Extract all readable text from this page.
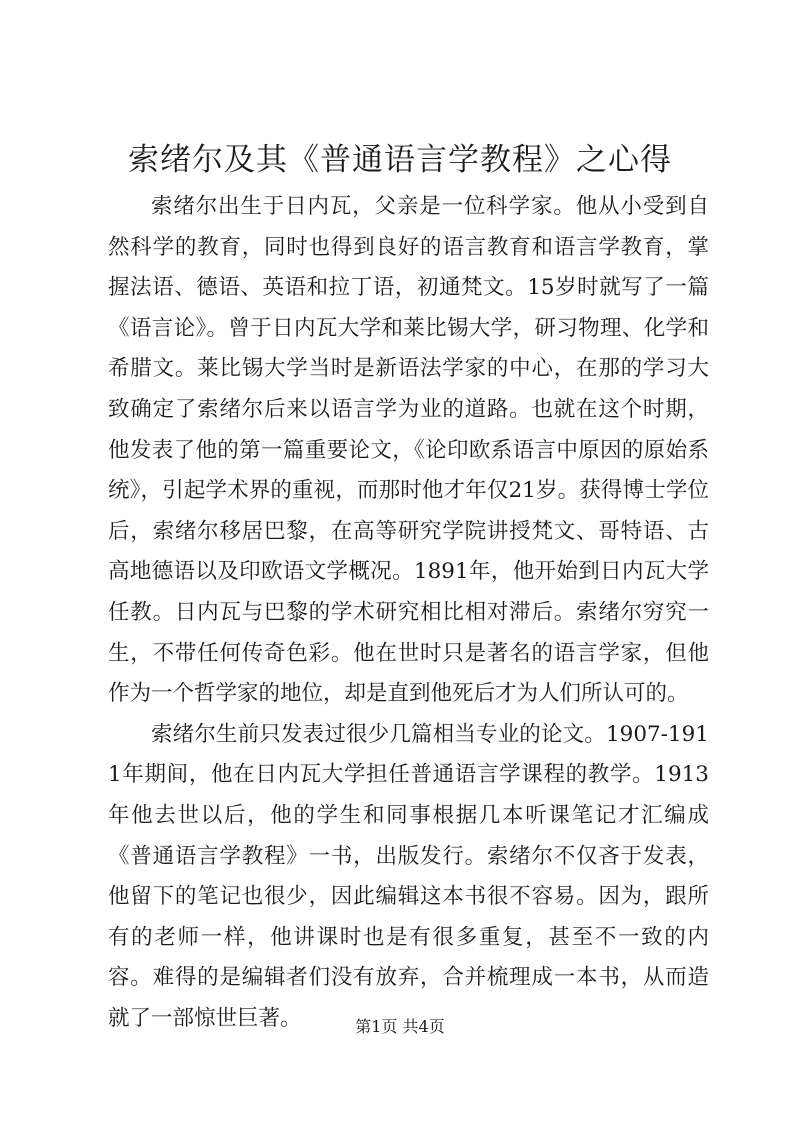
索绪尔及其《普通语言学教程》之心得

索绪尔出生于日内瓦，父亲是一位科学家。他从小受到自然科学的教育，同时也得到良好的语言教育和语言学教育，掌握法语、德语、英语和拉丁语，初通梵文。15岁时就写了一篇《语言论》。曾于日内瓦大学和莱比锡大学，研习物理、化学和希腊文。莱比锡大学当时是新语法学家的中心，在那的学习大致确定了索绪尔后来以语言学为业的道路。也就在这个时期，他发表了他的第一篇重要论文，《论印欧系语言中原因的原始系统》，引起学术界的重视，而那时他才年仅21岁。获得博士学位后，索绪尔移居巴黎，在高等研究学院讲授梵文、哥特语、古高地德语以及印欧语文学概况。1891年，他开始到日内瓦大学任教。日内瓦与巴黎的学术研究相比相对滞后。索绪尔穷究一生，不带任何传奇色彩。他在世时只是著名的语言学家，但他作为一个哲学家的地位，却是直到他死后才为人们所认可的。

索绪尔生前只发表过很少几篇相当专业的论文。1907-1911年期间，他在日内瓦大学担任普通语言学课程的教学。1913年他去世以后，他的学生和同事根据几本听课笔记才汇编成《普通语言学教程》一书，出版发行。索绪尔不仅吝于发表，他留下的笔记也很少，因此编辑这本书很不容易。因为，跟所有的老师一样，他讲课时也是有很多重复，甚至不一致的内容。难得的是编辑者们没有放弃，合并梳理成一本书，从而造就了一部惊世巨著。	第1页 共4页
